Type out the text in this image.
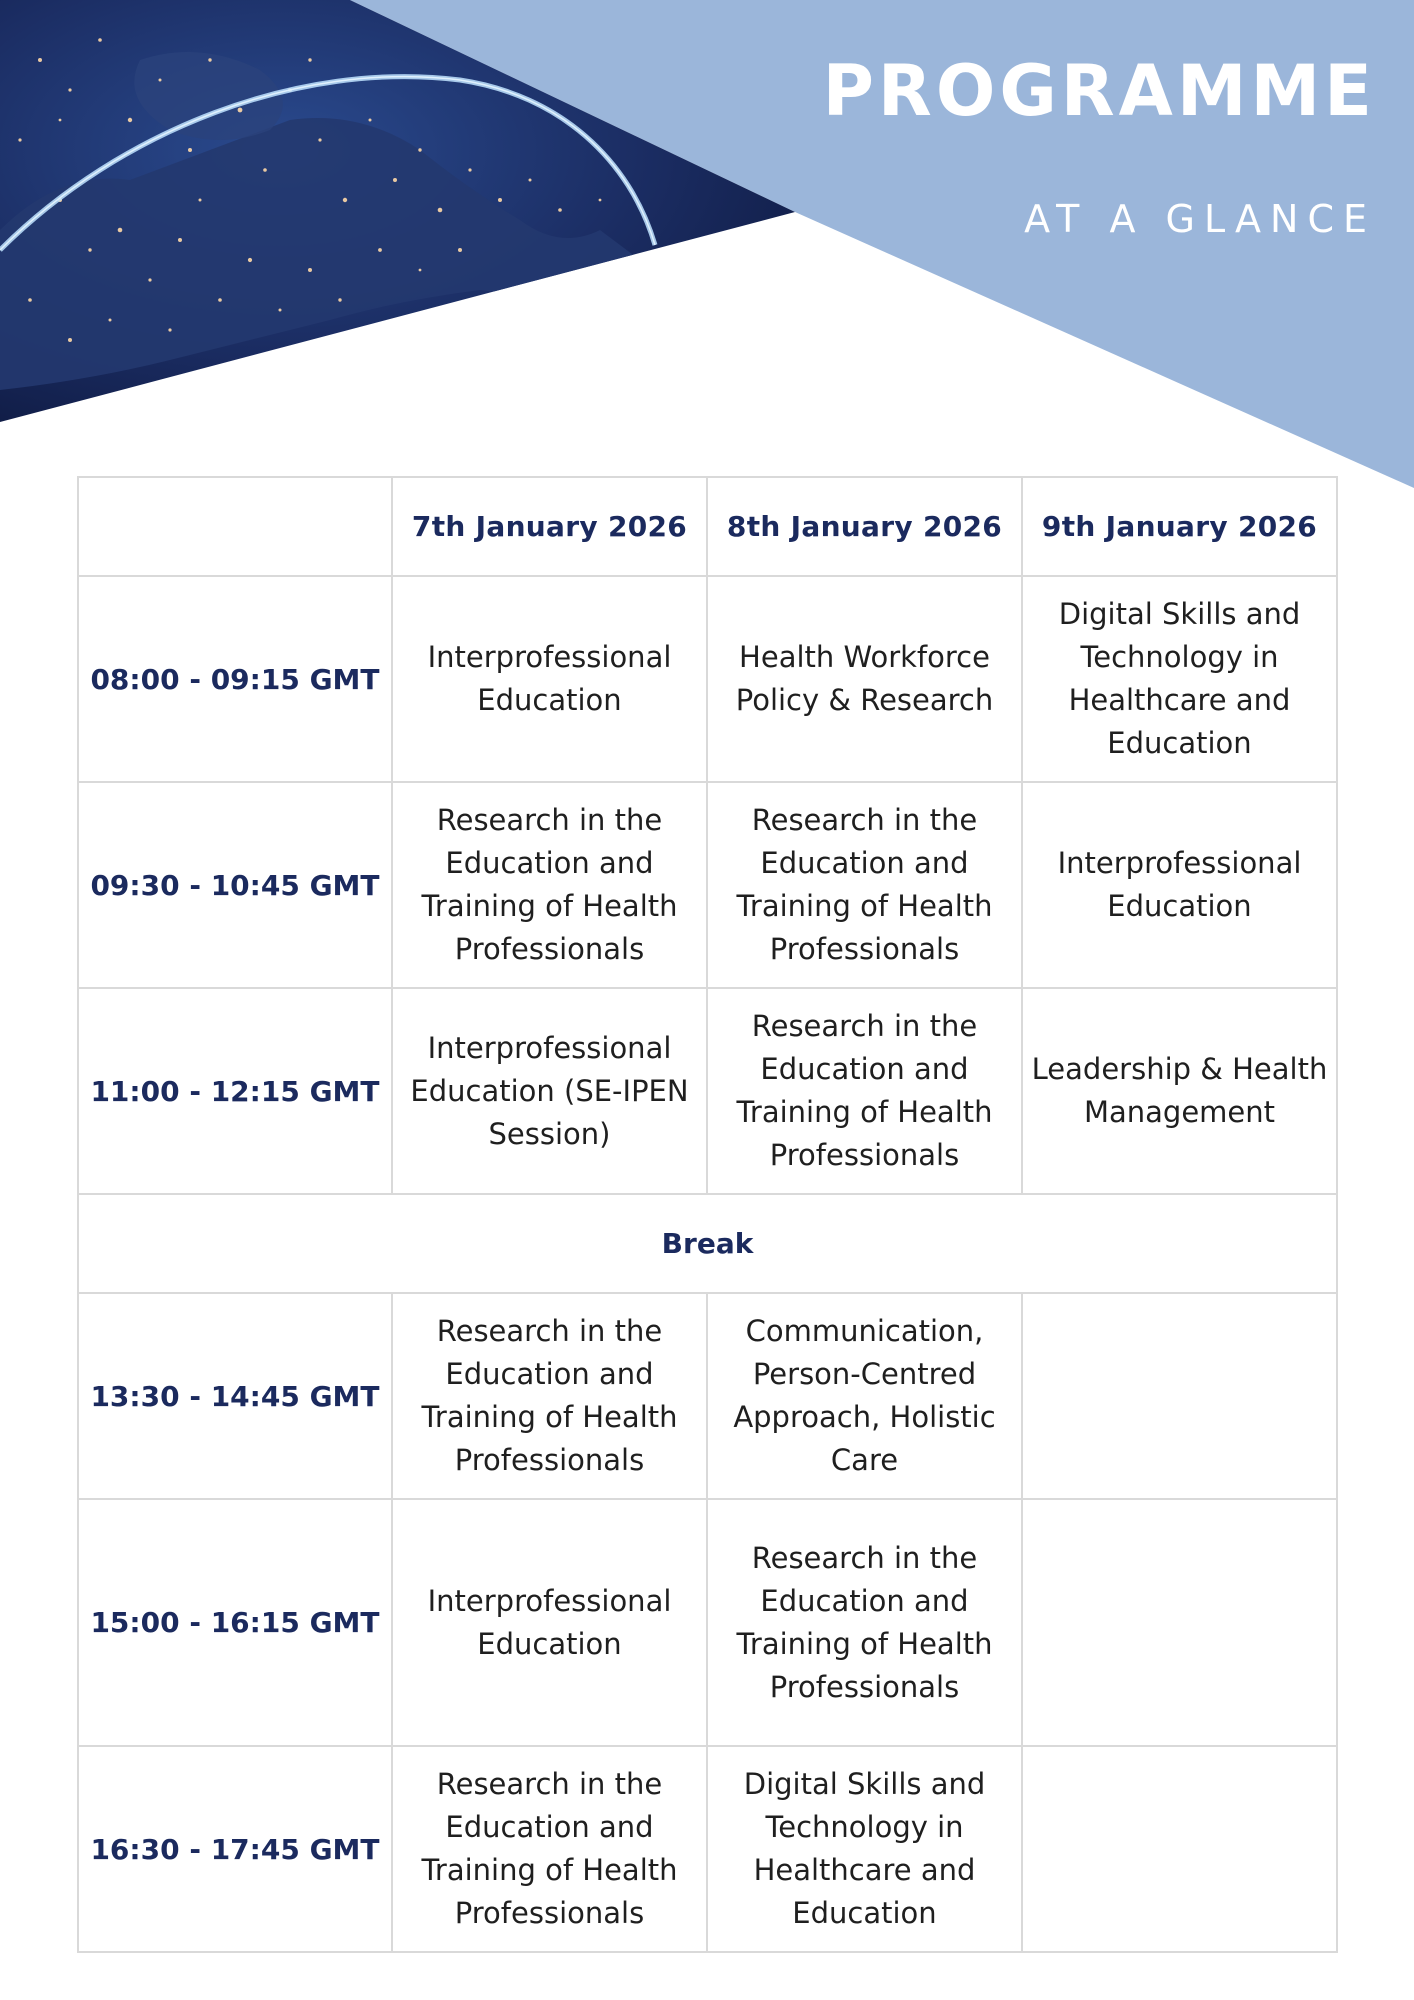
PROGRAMME
AT A GLANCE
	7th January 2026	8th January 2026	9th January 2026
08:00 - 09:15 GMT	Interprofessional Education	Health Workforce Policy & Research	Digital Skills and Technology in Healthcare and Education
09:30 - 10:45 GMT	Research in the Education and Training of Health Professionals	Research in the Education and Training of Health Professionals	Interprofessional Education
11:00 - 12:15 GMT	Interprofessional Education (SE-IPEN Session)	Research in the Education and Training of Health Professionals	Leadership & Health Management
Break			
13:30 - 14:45 GMT	Research in the Education and Training of Health Professionals	Communication, Person-Centred Approach, Holistic Care	
15:00 - 16:15 GMT	Interprofessional Education	Research in the Education and Training of Health Professionals	
16:30 - 17:45 GMT	Research in the Education and Training of Health Professionals	Digital Skills and Technology in Healthcare and Education	
